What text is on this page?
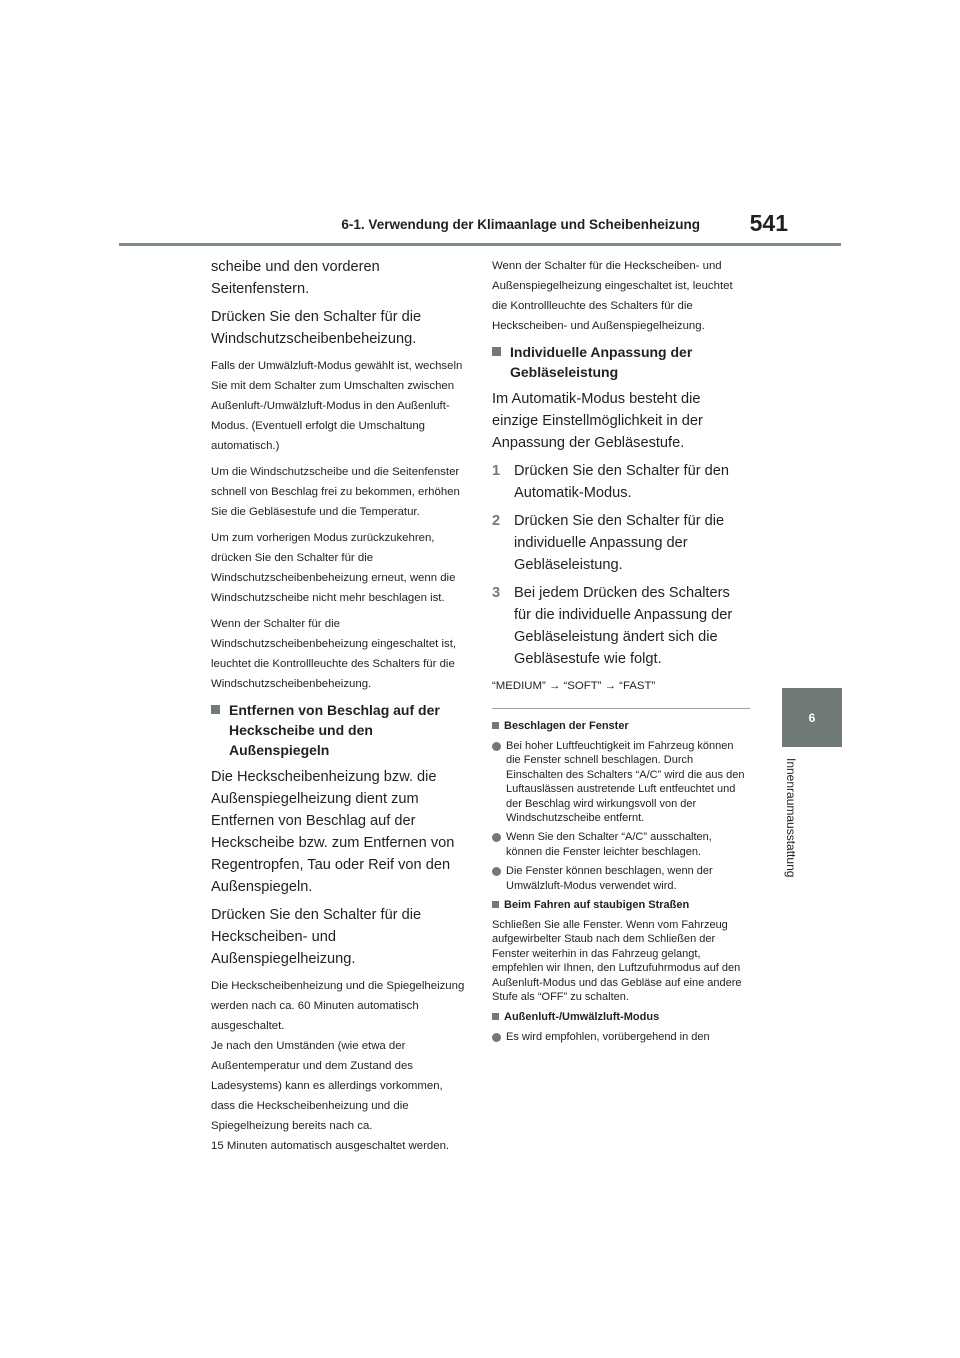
6-1. Verwendung der Klimaanlage und Scheibenheizung	541
6
Innenraumausstattung

scheibe und den vorderen Seitenfenstern.

Drücken Sie den Schalter für die Windschutzscheibenbeheizung.

Falls der Umwälzluft-Modus gewählt ist, wechseln Sie mit dem Schalter zum Umschalten zwischen Außenluft-/Umwälzluft-Modus in den Außenluft-Modus. (Eventuell erfolgt die Umschaltung automatisch.)

Um die Windschutzscheibe und die Seitenfenster schnell von Beschlag frei zu bekommen, erhöhen Sie die Gebläsestufe und die Temperatur.

Um zum vorherigen Modus zurückzukehren, drücken Sie den Schalter für die Windschutzscheibenbeheizung erneut, wenn die Windschutzscheibe nicht mehr beschlagen ist.

Wenn der Schalter für die Windschutzscheibenbeheizung eingeschaltet ist, leuchtet die Kontrollleuchte des Schalters für die Windschutzscheibenbeheizung.

Entfernen von Beschlag auf der Heckscheibe und den Außenspiegeln

Die Heckscheibenheizung bzw. die Außenspiegelheizung dient zum Entfernen von Beschlag auf der Heckscheibe bzw. zum Entfernen von Regentropfen, Tau oder Reif von den Außenspiegeln.

Drücken Sie den Schalter für die Heckscheiben- und Außenspiegelheizung.

Die Heckscheibenheizung und die Spiegelheizung werden nach ca. 60 Minuten automatisch ausgeschaltet.

Je nach den Umständen (wie etwa der Außentemperatur und dem Zustand des Ladesystems) kann es allerdings vorkommen, dass die Heckscheibenheizung und die Spiegelheizung bereits nach ca.

15 Minuten automatisch ausgeschaltet werden.

Wenn der Schalter für die Heckscheiben- und Außenspiegelheizung eingeschaltet ist, leuchtet die Kontrollleuchte des Schalters für die Heckscheiben- und Außenspiegelheizung.

Individuelle Anpassung der Gebläseleistung

Im Automatik-Modus besteht die einzige Einstellmöglichkeit in der Anpassung der Gebläsestufe.

1 Drücken Sie den Schalter für den Automatik-Modus.
2 Drücken Sie den Schalter für die individuelle Anpassung der Gebläseleistung.
3 Bei jedem Drücken des Schalters für die individuelle Anpassung der Gebläseleistung ändert sich die Gebläsestufe wie folgt.

“MEDIUM” → “SOFT” → “FAST”

Beschlagen der Fenster
Bei hoher Luftfeuchtigkeit im Fahrzeug können die Fenster schnell beschlagen. Durch Einschalten des Schalters “A/C” wird die aus den Luftauslässen austretende Luft entfeuchtet und der Beschlag wird wirkungsvoll von der Windschutzscheibe entfernt.
Wenn Sie den Schalter “A/C” ausschalten, können die Fenster leichter beschlagen.
Die Fenster können beschlagen, wenn der Umwälzluft-Modus verwendet wird.
Beim Fahren auf staubigen Straßen

Schließen Sie alle Fenster. Wenn vom Fahrzeug aufgewirbelter Staub nach dem Schließen der Fenster weiterhin in das Fahrzeug gelangt, empfehlen wir Ihnen, den Luftzufuhrmodus auf den Außenluft-Modus und das Gebläse auf eine andere Stufe als “OFF” zu schalten.

Außenluft-/Umwälzluft-Modus
Es wird empfohlen, vorübergehend in den
